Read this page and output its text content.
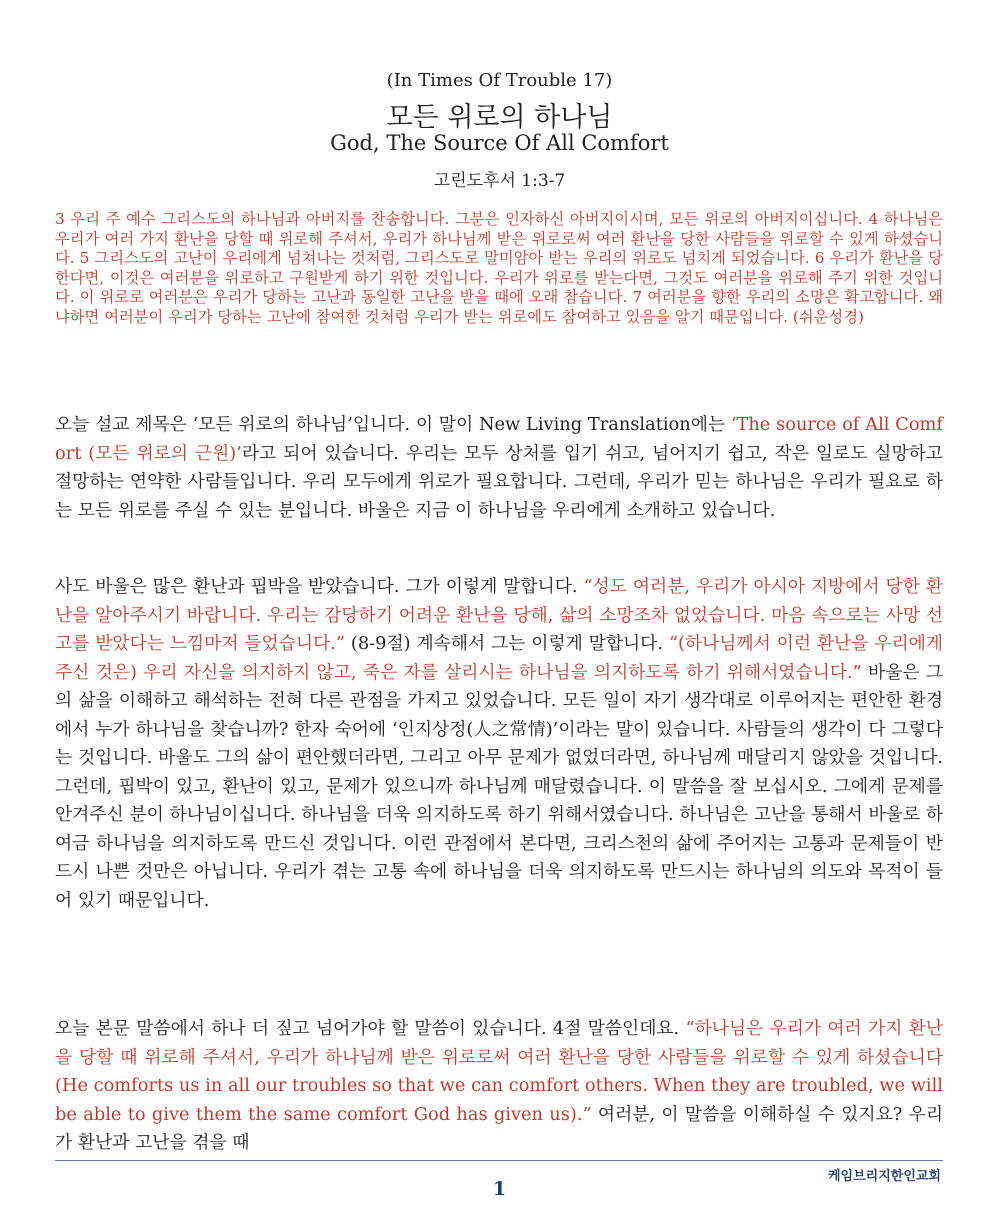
(In Times Of Trouble 17)
모든 위로의 하나님
God, The Source Of All Comfort
고린도후서 1:3-7

3 우리 주 예수 그리스도의 하나님과 아버지를 찬송합니다. 그분은 인자하신 아버지이시며, 모든 위로의 아버지이십니다. 4 하나님은 우리가 여러 가지 환난을 당할 때 위로해 주셔서, 우리가 하나님께 받은 위로로써 여러 환난을 당한 사람들을 위로할 수 있게 하셨습니다. 5 그리스도의 고난이 우리에게 넘쳐나는 것처럼, 그리스도로 말미암아 받는 우리의 위로도 넘치게 되었습니다. 6 우리가 환난을 당한다면, 이것은 여러분을 위로하고 구원받게 하기 위한 것입니다. 우리가 위로를 받는다면, 그것도 여러분을 위로해 주기 위한 것입니다. 이 위로로 여러분은 우리가 당하는 고난과 동일한 고난을 받을 때에 오래 참습니다. 7 여러분을 향한 우리의 소망은 확고합니다. 왜냐하면 여러분이 우리가 당하는 고난에 참여한 것처럼 우리가 받는 위로에도 참여하고 있음을 알기 때문입니다. (쉬운성경)

오늘 설교 제목은 ‘모든 위로의 하나님’입니다. 이 말이 New Living Translation에는 ‘The source of All Comfort (모든 위로의 근원)’라고 되어 있습니다. 우리는 모두 상처를 입기 쉬고, 넘어지기 쉽고, 작은 일로도 실망하고 절망하는 연약한 사람들입니다. 우리 모두에게 위로가 필요합니다. 그런데, 우리가 믿는 하나님은 우리가 필요로 하는 모든 위로를 주실 수 있는 분입니다. 바울은 지금 이 하나님을 우리에게 소개하고 있습니다.

사도 바울은 많은 환난과 핍박을 받았습니다. 그가 이렇게 말합니다. “성도 여러분, 우리가 아시아 지방에서 당한 환난을 알아주시기 바랍니다. 우리는 감당하기 어려운 환난을 당해, 삶의 소망조차 없었습니다. 마음 속으로는 사망 선고를 받았다는 느낌마저 들었습니다.” (8-9절) 계속해서 그는 이렇게 말합니다. “(하나님께서 이런 환난을 우리에게 주신 것은) 우리 자신을 의지하지 않고, 죽은 자를 살리시는 하나님을 의지하도록 하기 위해서였습니다.” 바울은 그의 삶을 이해하고 해석하는 전혀 다른 관점을 가지고 있었습니다. 모든 일이 자기 생각대로 이루어지는 편안한 환경에서 누가 하나님을 찾습니까? 한자 숙어에 ‘인지상정(人之常情)’이라는 말이 있습니다. 사람들의 생각이 다 그렇다는 것입니다. 바울도 그의 삶이 편안했더라면, 그리고 아무 문제가 없었더라면, 하나님께 매달리지 않았을 것입니다. 그런데, 핍박이 있고, 환난이 있고, 문제가 있으니까 하나님께 매달렸습니다. 이 말씀을 잘 보십시오. 그에게 문제를 안겨주신 분이 하나님이십니다. 하나님을 더욱 의지하도록 하기 위해서였습니다. 하나님은 고난을 통해서 바울로 하여금 하나님을 의지하도록 만드신 것입니다. 이런 관점에서 본다면, 크리스천의 삶에 주어지는 고통과 문제들이 반드시 나쁜 것만은 아닙니다. 우리가 겪는 고통 속에 하나님을 더욱 의지하도록 만드시는 하나님의 의도와 목적이 들어 있기 때문입니다.

오늘 본문 말씀에서 하나 더 짚고 넘어가야 할 말씀이 있습니다. 4절 말씀인데요. “하나님은 우리가 여러 가지 환난을 당할 때 위로해 주셔서, 우리가 하나님께 받은 위로로써 여러 환난을 당한 사람들을 위로할 수 있게 하셨습니다 (He comforts us in all our troubles so that we can comfort others. When they are troubled, we will be able to give them the same comfort God has given us).” 여러분, 이 말씀을 이해하실 수 있지요? 우리가 환난과 고난을 겪을 때

케임브리지한인교회
1
